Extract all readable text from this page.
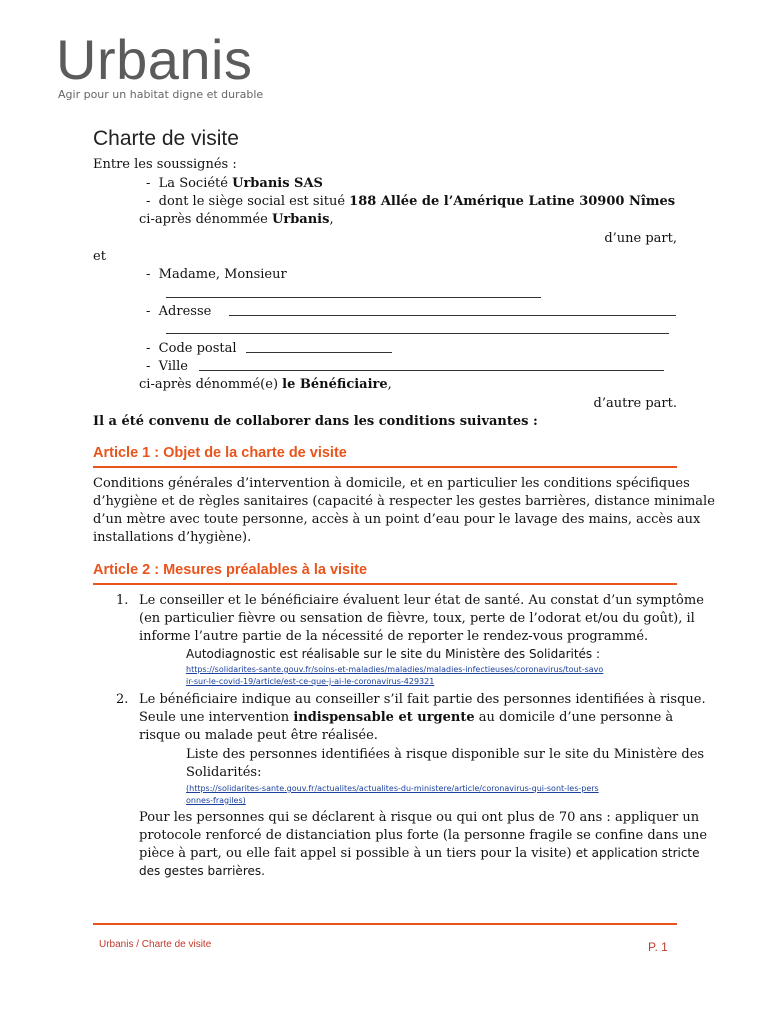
Urbanis
Agir pour un habitat digne et durable
Charte de visite
Entre les soussignés :
-  La Société Urbanis SAS
-  dont le siège social est situé 188 Allée de l’Amérique Latine 30900 Nîmes
ci-après dénommée Urbanis,
d’une part,
et
-  Madame, Monsieur
-  Adresse
-  Code postal
-  Ville
ci-après dénommé(e) le Bénéficiaire,
d’autre part.
Il a été convenu de collaborer dans les conditions suivantes :
Article 1 : Objet de la charte de visite
Conditions générales d’intervention à domicile, et en particulier les conditions spécifiques
d’hygiène et de règles sanitaires (capacité à respecter les gestes barrières, distance minimale
d’un mètre avec toute personne, accès à un point d’eau pour le lavage des mains, accès aux
installations d’hygiène).
Article 2 : Mesures préalables à la visite
1. Le conseiller et le bénéficiaire évaluent leur état de santé. Au constat d’un symptôme
(en particulier fièvre ou sensation de fièvre, toux, perte de l’odorat et/ou du goût), il
informe l’autre partie de la nécessité de reporter le rendez-vous programmé.
Autodiagnostic est réalisable sur le site du Ministère des Solidarités :
https://solidarites-sante.gouv.fr/soins-et-maladies/maladies/maladies-infectieuses/coronavirus/tout-savo
ir-sur-le-covid-19/article/est-ce-que-j-ai-le-coronavirus-429321
2. Le bénéficiaire indique au conseiller s’il fait partie des personnes identifiées à risque.
Seule une intervention indispensable et urgente au domicile d’une personne à
risque ou malade peut être réalisée.
Liste des personnes identifiées à risque disponible sur le site du Ministère des
Solidarités:
(https://solidarites-sante.gouv.fr/actualites/actualites-du-ministere/article/coronavirus-qui-sont-les-pers
onnes-fragiles)
Pour les personnes qui se déclarent à risque ou qui ont plus de 70 ans : appliquer un
protocole renforcé de distanciation plus forte (la personne fragile se confine dans une
pièce à part, ou elle fait appel si possible à un tiers pour la visite) et application stricte
des gestes barrières.
Urbanis / Charte de visite	P. 1
